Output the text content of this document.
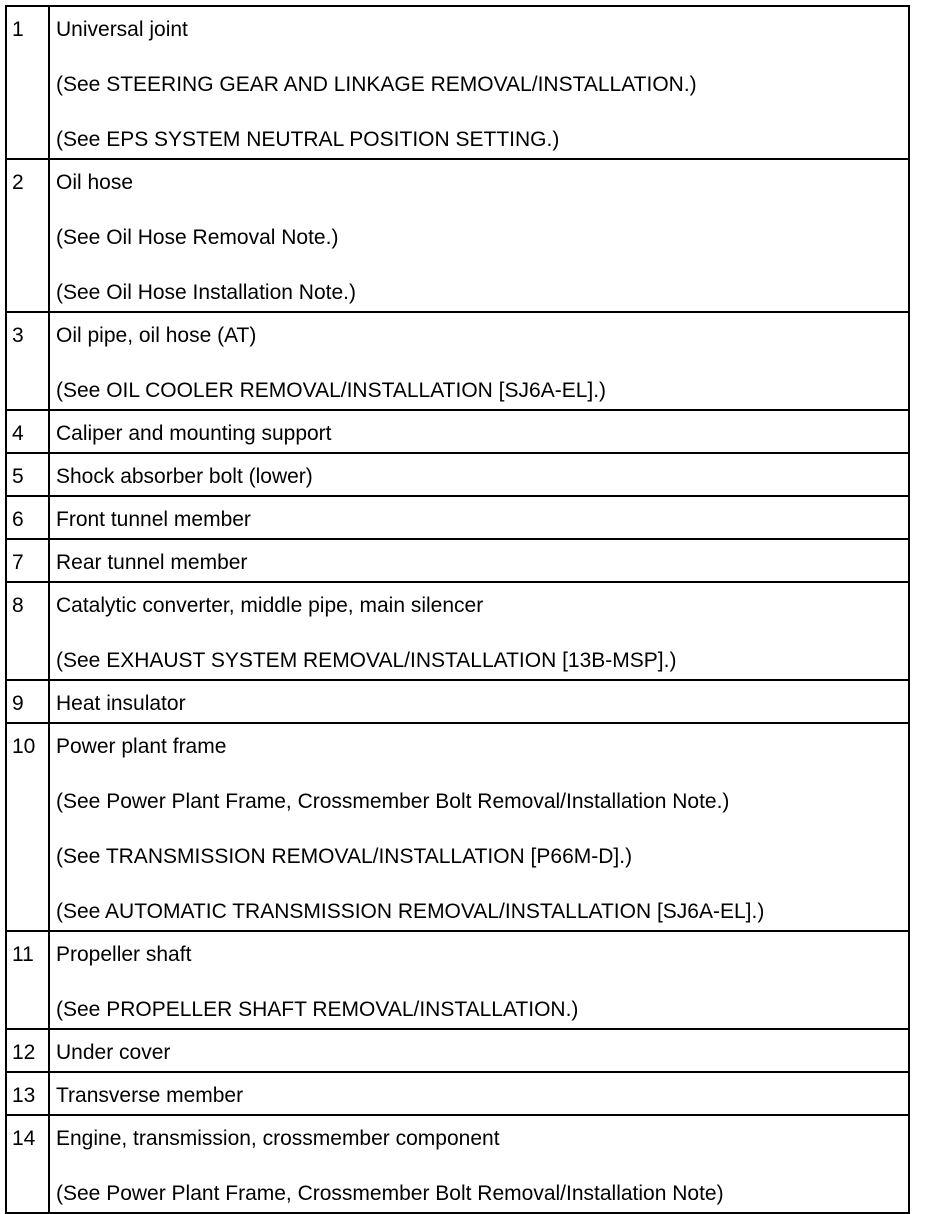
1	Universal joint
(See STEERING GEAR AND LINKAGE REMOVAL/INSTALLATION.)
(See EPS SYSTEM NEUTRAL POSITION SETTING.)

2	Oil hose
(See Oil Hose Removal Note.)
(See Oil Hose Installation Note.)

3	Oil pipe, oil hose (AT)
(See OIL COOLER REMOVAL/INSTALLATION [SJ6A-EL].)

4	Caliper and mounting support

5	Shock absorber bolt (lower)

6	Front tunnel member

7	Rear tunnel member

8	Catalytic converter, middle pipe, main silencer
(See EXHAUST SYSTEM REMOVAL/INSTALLATION [13B-MSP].)

9	Heat insulator

10	Power plant frame
(See Power Plant Frame, Crossmember Bolt Removal/Installation Note.)
(See TRANSMISSION REMOVAL/INSTALLATION [P66M-D].)
(See AUTOMATIC TRANSMISSION REMOVAL/INSTALLATION [SJ6A-EL].)

11	Propeller shaft
(See PROPELLER SHAFT REMOVAL/INSTALLATION.)

12	Under cover

13	Transverse member

14	Engine, transmission, crossmember component
(See Power Plant Frame, Crossmember Bolt Removal/Installation Note)
